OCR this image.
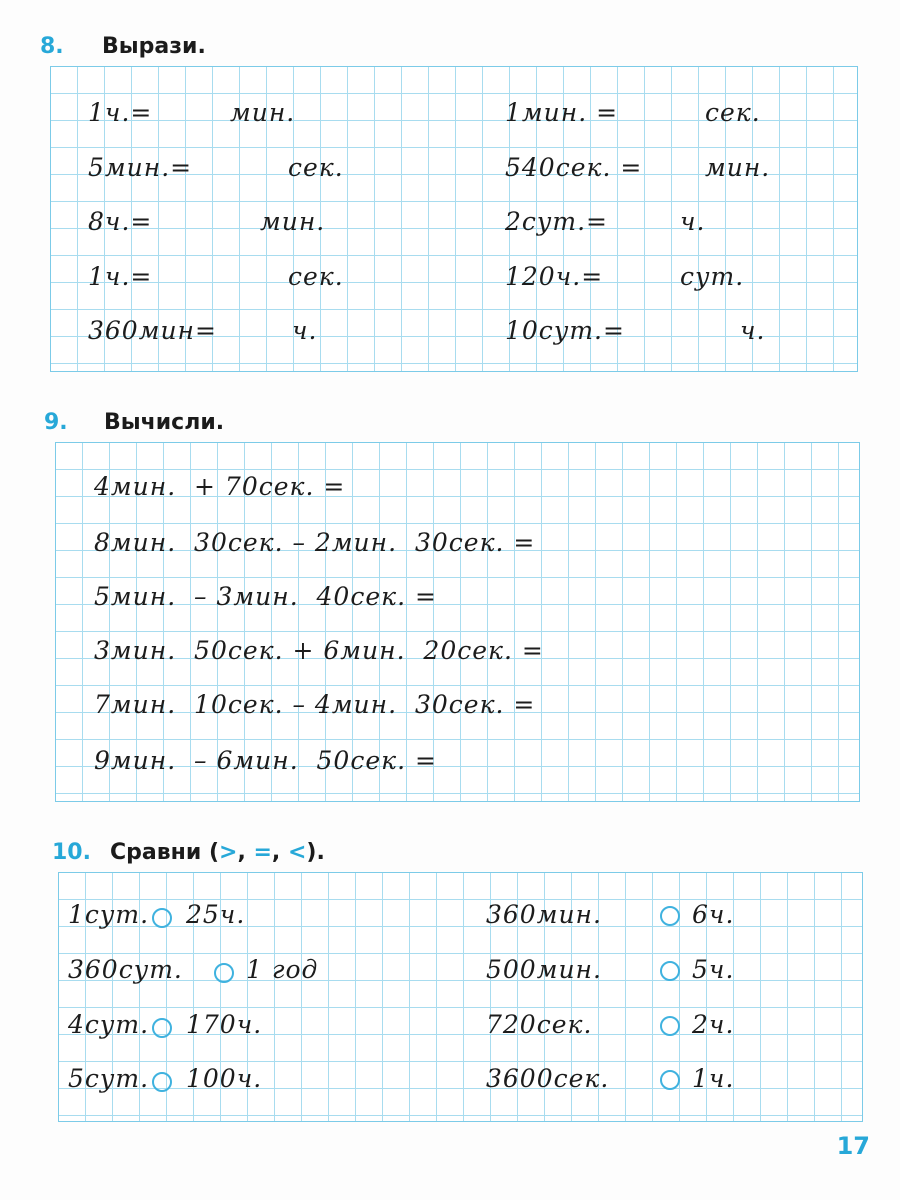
8. Вырази.
1ч.=	мин.
5мин.=	сек.
8ч.=	мин.
1ч.=	сек.
360мин=	ч.
1мин. =	сек.
540сек. =	мин.
2сут.=	ч.
120ч.=	сут.
10сут.=	ч.
9. Вычисли.
4мин.  + 70сек. =
8мин.  30сек. – 2мин.  30сек. =
5мин.  – 3мин.  40сек. =
3мин.  50сек. + 6мин.  20сек. =
7мин.  10сек. – 4мин.  30сек. =
9мин.  – 6мин.  50сек. =
10. Сравни (>, =, <).
1сут. 25ч.
360сут.	1 год
4сут. 170ч.
5сут. 100ч.
360мин.	6ч.
500мин.	5ч.
720сек.	2ч.
3600сек.	1ч.
17
